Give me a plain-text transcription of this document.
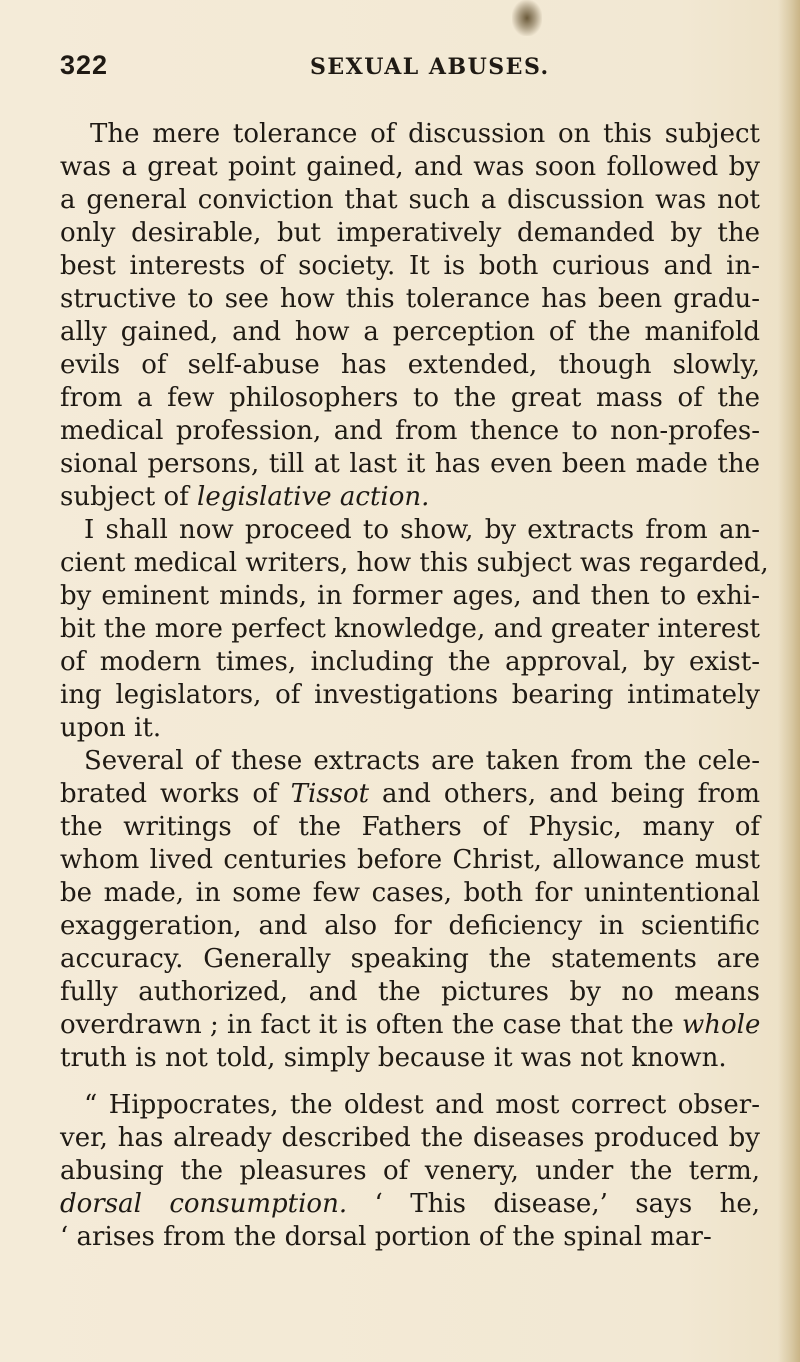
322	SEXUAL ABUSES.
The mere tolerance of discussion on this subject
was a great point gained, and was soon followed by
a general conviction that such a discussion was not
only desirable, but imperatively demanded by the
best interests of society. It is both curious and in-
structive to see how this tolerance has been gradu-
ally gained, and how a perception of the manifold
evils of self-abuse has extended, though slowly,
from a few philosophers to the great mass of the
medical profession, and from thence to non-profes-
sional persons, till at last it has even been made the
subject of legislative action.
I shall now proceed to show, by extracts from an-
cient medical writers, how this subject was regarded,
by eminent minds, in former ages, and then to exhi-
bit the more perfect knowledge, and greater interest
of modern times, including the approval, by exist-
ing legislators, of investigations bearing intimately
upon it.
Several of these extracts are taken from the cele-
brated works of Tissot and others, and being from
the writings of the Fathers of Physic, many of
whom lived centuries before Christ, allowance must
be made, in some few cases, both for unintentional
exaggeration, and also for deficiency in scientific
accuracy. Generally speaking the statements are
fully authorized, and the pictures by no means
overdrawn ; in fact it is often the case that the whole
truth is not told, simply because it was not known.
“ Hippocrates, the oldest and most correct obser-
ver, has already described the diseases produced by
abusing the pleasures of venery, under the term,
dorsal consumption. ‘ This disease,’ says he,
‘ arises from the dorsal portion of the spinal mar-
